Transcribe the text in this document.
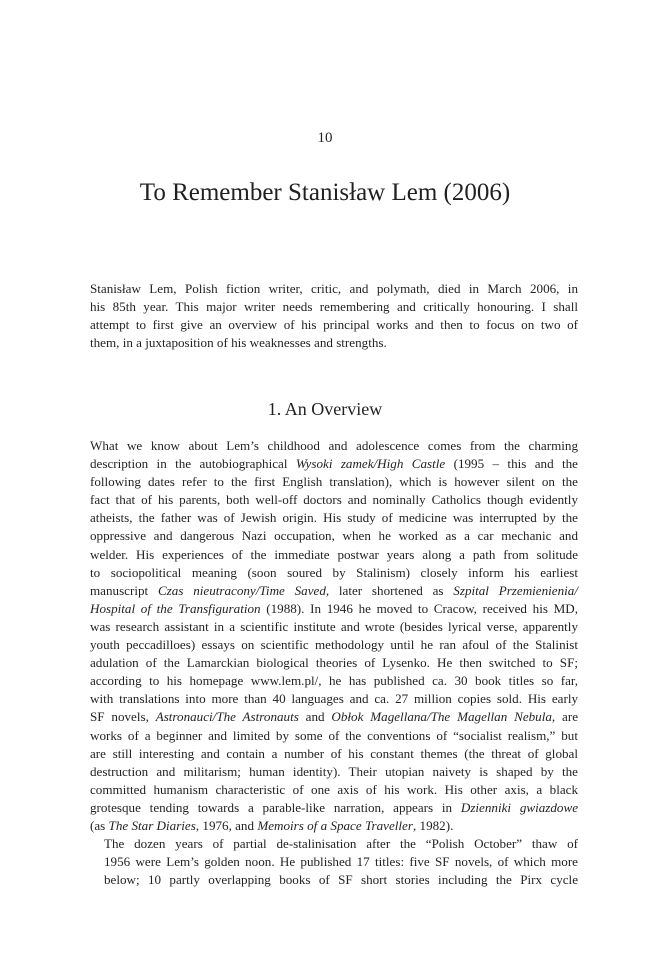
10
To Remember Stanisław Lem (2006)
Stanisław Lem, Polish fiction writer, critic, and polymath, died in March 2006, in
his 85th year. This major writer needs remembering and critically honouring. I shall
attempt to first give an overview of his principal works and then to focus on two of
them, in a juxtaposition of his weaknesses and strengths.
1. An Overview

What we know about Lem’s childhood and adolescence comes from the charming
description in the autobiographical Wysoki zamek/High Castle (1995 – this and the
following dates refer to the first English translation), which is however silent on the
fact that of his parents, both well-off doctors and nominally Catholics though evidently
atheists, the father was of Jewish origin. His study of medicine was interrupted by the
oppressive and dangerous Nazi occupation, when he worked as a car mechanic and
welder. His experiences of the immediate postwar years along a path from solitude
to sociopolitical meaning (soon soured by Stalinism) closely inform his earliest
manuscript Czas nieutracony/Time Saved, later shortened as Szpital Przemienienia/
Hospital of the Transfiguration (1988). In 1946 he moved to Cracow, received his MD,
was research assistant in a scientific institute and wrote (besides lyrical verse, apparently
youth peccadilloes) essays on scientific methodology until he ran afoul of the Stalinist
adulation of the Lamarckian biological theories of Lysenko. He then switched to SF;
according to his homepage www.lem.pl/, he has published ca. 30 book titles so far,
with translations into more than 40 languages and ca. 27 million copies sold. His early
SF novels, Astronauci/The Astronauts and Obłok Magellana/The Magellan Nebula, are
works of a beginner and limited by some of the conventions of “socialist realism,” but
are still interesting and contain a number of his constant themes (the threat of global
destruction and militarism; human identity). Their utopian naivety is shaped by the
committed humanism characteristic of one axis of his work. His other axis, a black
grotesque tending towards a parable-like narration, appears in Dzienniki gwiazdowe
(as The Star Diaries, 1976, and Memoirs of a Space Traveller, 1982).

The dozen years of partial de-stalinisation after the “Polish October” thaw of
1956 were Lem’s golden noon. He published 17 titles: five SF novels, of which more
below; 10 partly overlapping books of SF short stories including the Pirx cycle
